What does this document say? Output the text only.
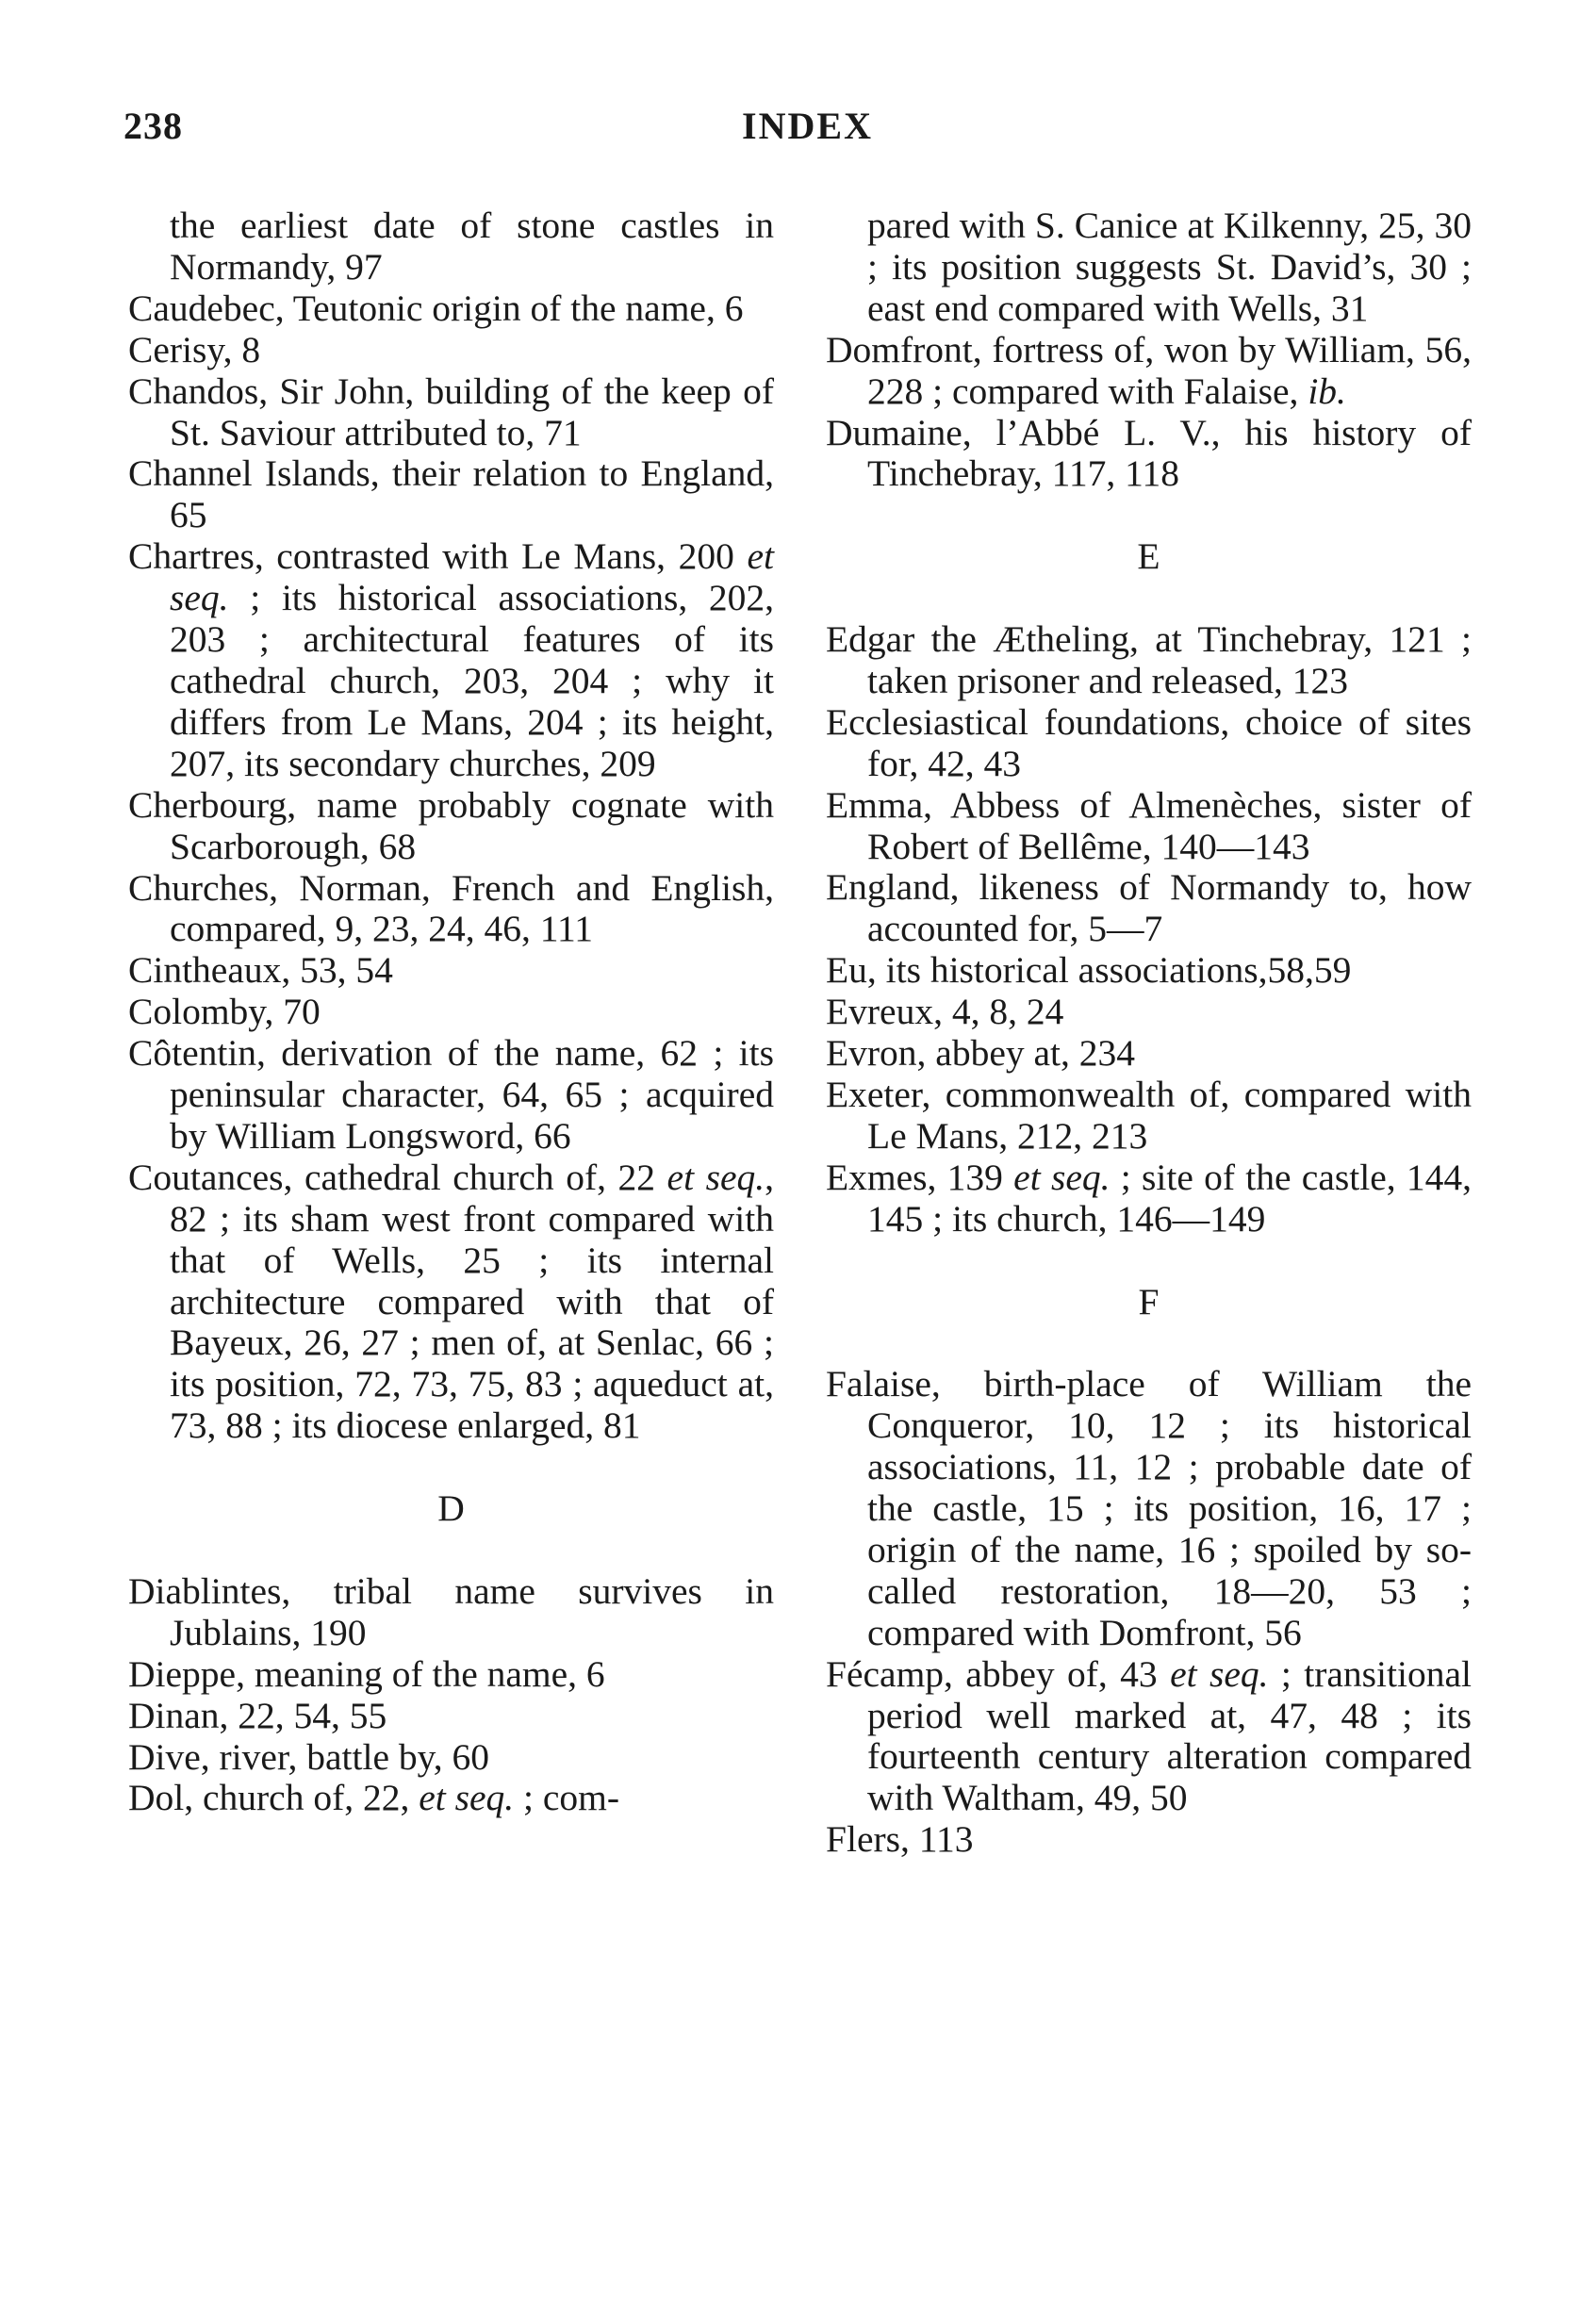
238	INDEX

the earliest date of stone castles in Normandy, 97

Caudebec, Teutonic origin of the name, 6

Cerisy, 8

Chandos, Sir John, building of the keep of St. Saviour attributed to, 71

Channel Islands, their relation to England, 65

Chartres, contrasted with Le Mans, 200 et seq. ; its historical associations, 202, 203 ; architectural features of its cathedral church, 203, 204 ; why it differs from Le Mans, 204 ; its height, 207, its secondary churches, 209

Cherbourg, name probably cognate with Scarborough, 68

Churches, Norman, French and English, compared, 9, 23, 24, 46, 111

Cintheaux, 53, 54

Colomby, 70

Côtentin, derivation of the name, 62 ; its peninsular character, 64, 65 ; acquired by William Longsword, 66

Coutances, cathedral church of, 22 et seq., 82 ; its sham west front compared with that of Wells, 25 ; its internal architecture compared with that of Bayeux, 26, 27 ; men of, at Senlac, 66 ; its position, 72, 73, 75, 83 ; aqueduct at, 73, 88 ; its diocese enlarged, 81

D

Diablintes, tribal name survives in Jublains, 190

Dieppe, meaning of the name, 6

Dinan, 22, 54, 55

Dive, river, battle by, 60

Dol, church of, 22, et seq. ; com-

pared with S. Canice at Kilkenny, 25, 30 ; its position suggests St. David’s, 30 ; east end compared with Wells, 31

Domfront, fortress of, won by William, 56, 228 ; compared with Falaise, ib.

Dumaine, l’Abbé L. V., his history of Tinchebray, 117, 118

E

Edgar the Ætheling, at Tinchebray, 121 ; taken prisoner and released, 123

Ecclesiastical foundations, choice of sites for, 42, 43

Emma, Abbess of Almenèches, sister of Robert of Bellême, 140—143

England, likeness of Normandy to, how accounted for, 5—7

Eu, its historical associations,58,59

Evreux, 4, 8, 24

Evron, abbey at, 234

Exeter, commonwealth of, compared with Le Mans, 212, 213

Exmes, 139 et seq. ; site of the castle, 144, 145 ; its church, 146—149

F

Falaise, birth-place of William the Conqueror, 10, 12 ; its historical associations, 11, 12 ; probable date of the castle, 15 ; its position, 16, 17 ; origin of the name, 16 ; spoiled by so-called restoration, 18—20, 53 ; compared with Domfront, 56

Fécamp, abbey of, 43 et seq. ; transitional period well marked at, 47, 48 ; its fourteenth century alteration compared with Waltham, 49, 50

Flers, 113
